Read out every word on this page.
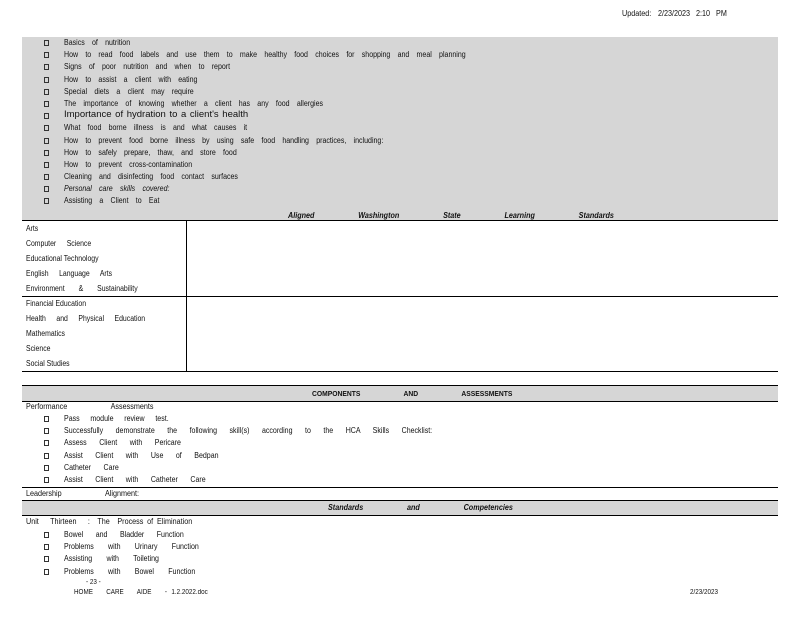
Updated: 2/23/2023 2:10   PM
Basics of nutrition
How to read food labels and use them to make healthy food choices for shopping and meal planning
Signs of poor nutrition and when to report
How to assist a client with eating
Special diets a client may require
The importance of knowing whether a client has any food allergies
Importance of hydration to a client's health
What food borne illness is and what causes it
How to prevent food borne illness by using safe food handling practices, including:
How to safely prepare, thaw, and store food
How to prevent cross-contamination
Cleaning and disinfecting food contact surfaces
Personal care skills covered:
Assisting a Client to Eat
Aligned   Washington   State   Learning   Standards
Arts
Computer Science
Educational Technology
English Language Arts
Environment & Sustainability
Financial Education
Health and Physical Education
Mathematics
Science
Social Studies
COMPONENTS   AND   ASSESSMENTS
Performance   Assessments
Pass module review test.
Successfully demonstrate the following skill(s) according to the HCA Skills Checklist:
Assess Client with Pericare
Assist Client with Use of Bedpan
Catheter Care
Assist Client with Catheter Care
Leadership   Alignment:
Standards   and   Competencies
Unit   Thirteen   :  The  Process of Elimination
Bowel and Bladder Function
Problems with Urinary Function
Assisting with Toileting
Problems with Bowel Function
- 23 -
HOME   CARE   AIDE   - 1.2.2022.doc	2/23/2023
